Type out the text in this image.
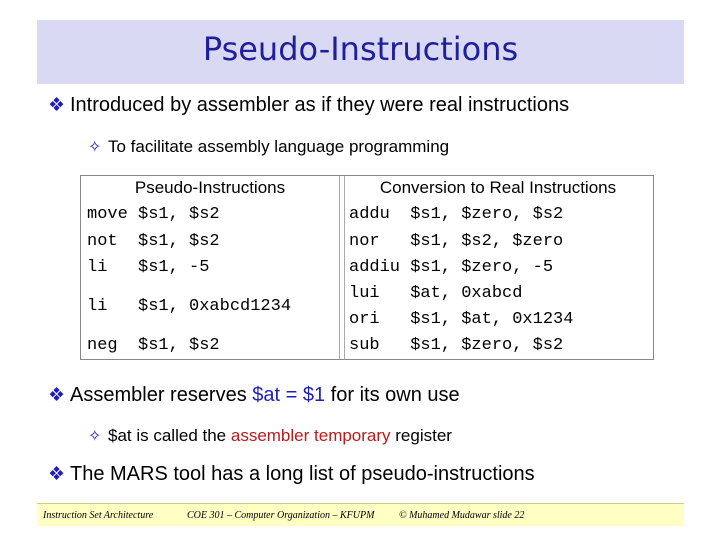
Pseudo-Instructions
❖ Introduced by assembler as if they were real instructions
✧ To facilitate assembly language programming
Pseudo-Instructions
move $s1, $s2
not  $s1, $s2
li   $s1, -5
li   $s1, 0xabcd1234
neg  $s1, $s2
Conversion to Real Instructions
addu  $s1, $zero, $s2
nor   $s1, $s2, $zero
addiu $s1, $zero, -5
lui   $at, 0xabcd
ori   $s1, $at, 0x1234
sub   $s1, $zero, $s2
❖ Assembler reserves $at = $1 for its own use
✧ $at is called the assembler temporary register
❖ The MARS tool has a long list of pseudo-instructions
Instruction Set Architecture	COE 301 – Computer Organization – KFUPM © Muhamed Mudawar slide 22
